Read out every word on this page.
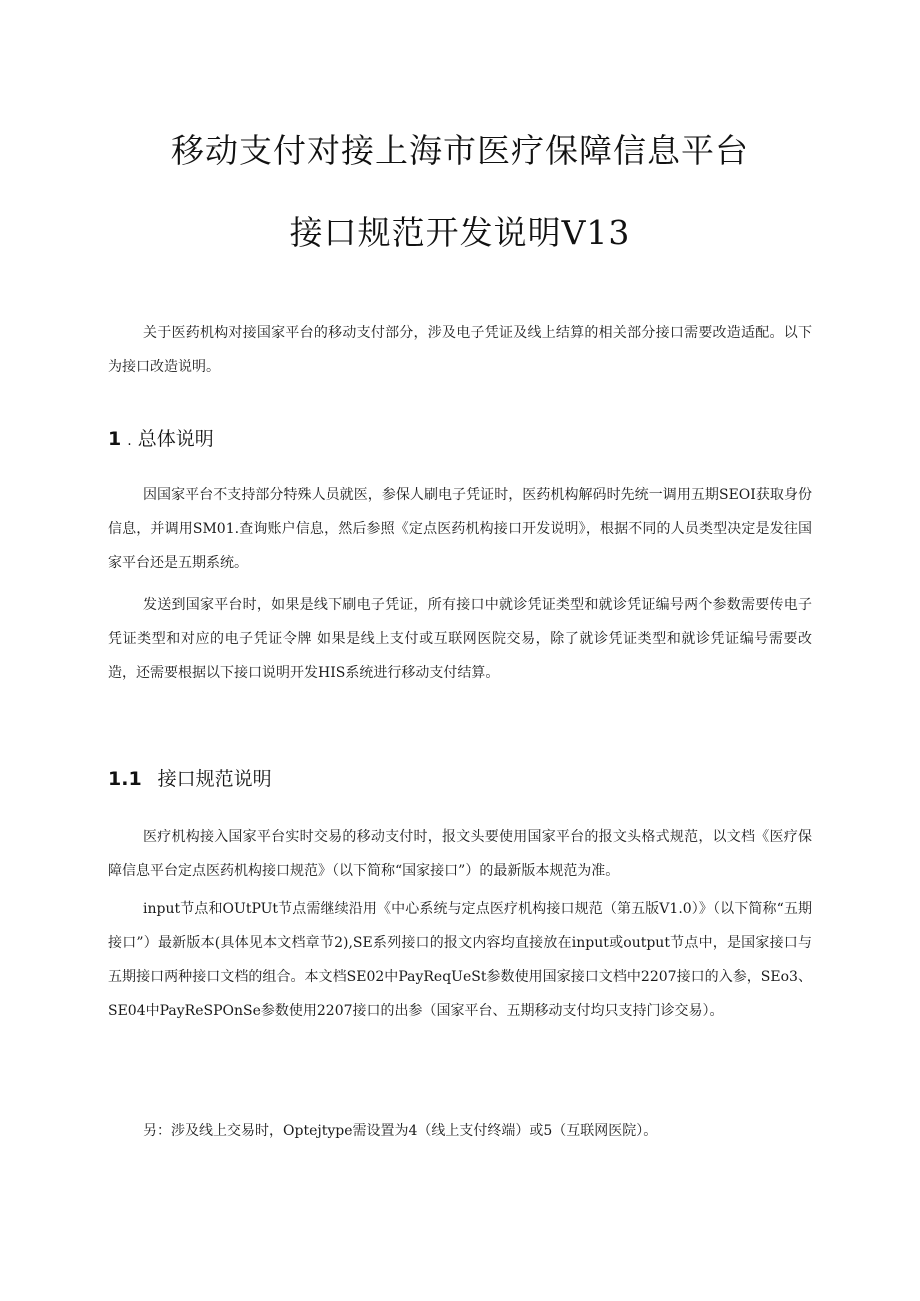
移动支付对接上海市医疗保障信息平台
接口规范开发说明V13

关于医药机构对接国家平台的移动支付部分，涉及电子凭证及线上结算的相关部分接口需要改造适配。以下为接口改造说明。

1 . 总体说明

因国家平台不支持部分特殊人员就医，参保人刷电子凭证时，医药机构解码时先统一调用五期SEOI获取身份信息，并调用SM01.查询账户信息，然后参照《定点医药机构接口开发说明》，根据不同的人员类型决定是发往国家平台还是五期系统。

发送到国家平台时，如果是线下刷电子凭证，所有接口中就诊凭证类型和就诊凭证编号两个参数需要传电子凭证类型和对应的电子凭证令牌 如果是线上支付或互联网医院交易，除了就诊凭证类型和就诊凭证编号需要改造，还需要根据以下接口说明开发HIS系统进行移动支付结算。

1.1 接口规范说明

医疗机构接入国家平台实时交易的移动支付时，报文头要使用国家平台的报文头格式规范，以文档《医疗保障信息平台定点医药机构接口规范》（以下简称“国家接口”）的最新版本规范为准。

input节点和OUtPUt节点需继续沿用《中心系统与定点医疗机构接口规范（第五版V1.0）》（以下简称“五期接口”）最新版本(具体见本文档章节2),SE系列接口的报文内容均直接放在input或output节点中，是国家接口与五期接口两种接口文档的组合。本文档SE02中PayReqUeSt参数使用国家接口文档中2207接口的入参，SEo3、SE04中PayReSPOnSe参数使用2207接口的出参（国家平台、五期移动支付均只支持门诊交易）。

另：涉及线上交易时，Optejtype需设置为4（线上支付终端）或5（互联网医院）。
